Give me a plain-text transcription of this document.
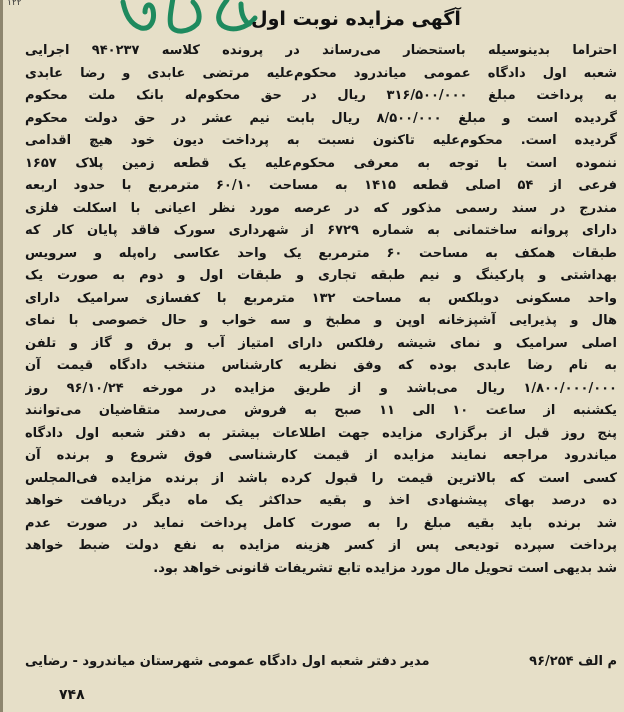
۱۲۲
آگهی مزایده نوبت اول
احتراما بدینوسیله باستحضار می‌رساند در پرونده کلاسه ۹۴۰۲۳۷ اجرایی
شعبه اول دادگاه عمومی میاندرود محکوم‌علیه مرتضی عابدی و رضا عابدی
به پرداخت مبلغ ۳۱۶/۵۰۰/۰۰۰ ریال در حق محکوم‌له بانک ملت محکوم
گردیده است و مبلغ ۸/۵۰۰/۰۰۰ ریال بابت نیم عشر در حق دولت محکوم
گردیده است. محکوم‌علیه تاکنون نسبت به پرداخت دیون خود هیچ اقدامی
ننموده است با توجه به معرفی محکوم‌علیه یک قطعه زمین پلاک ۱۶۵۷
فرعی از ۵۴ اصلی قطعه ۱۴۱۵ به مساحت ۶۰/۱۰ مترمربع با حدود اربعه
مندرج در سند رسمی مذکور که در عرصه مورد نظر اعیانی با اسکلت فلزی
دارای پروانه ساختمانی به شماره ۶۷۲۹ از شهرداری سورک فاقد پایان کار که
طبقات همکف به مساحت ۶۰ مترمربع یک واحد عکاسی راه‌پله و سرویس
بهداشتی و پارکینگ و نیم طبقه تجاری و طبقات اول و دوم به صورت یک
واحد مسکونی دوبلکس به مساحت ۱۳۲ مترمربع با کفسازی سرامیک دارای
هال و پذیرایی آشپزخانه اوپن و مطبخ و سه خواب و حال خصوصی با نمای
اصلی سرامیک و نمای شیشه رفلکس دارای امتیاز آب و برق و گاز و تلفن
به نام رضا عابدی بوده که وفق نظریه کارشناس منتخب دادگاه قیمت آن
۱/۸۰۰/۰۰۰/۰۰۰ ریال می‌باشد و از طریق مزایده در مورخه ۹۶/۱۰/۲۴ روز
یکشنبه از ساعت ۱۰ الی ۱۱ صبح به فروش می‌رسد متقاضیان می‌توانند
پنج روز قبل از برگزاری مزایده جهت اطلاعات بیشتر به دفتر شعبه اول دادگاه
میاندرود مراجعه نمایند مزایده از قیمت کارشناسی فوق شروع و برنده آن
کسی است که بالاترین قیمت را قبول کرده باشد از برنده مزایده فی‌المجلس
ده درصد بهای پیشنهادی اخذ و بقیه حداکثر یک ماه دیگر دریافت خواهد
شد برنده باید بقیه مبلغ را به صورت کامل پرداخت نماید در صورت عدم
پرداخت سپرده تودیعی پس از کسر هزینه مزایده به نفع دولت ضبط خواهد
شد بدیهی است تحویل مال مورد مزایده تابع تشریفات قانونی خواهد بود.
م الف ۹۶/۲۵۴
مدیر دفتر شعبه اول دادگاه عمومی شهرستان میاندرود - رضایی
۷۴۸
